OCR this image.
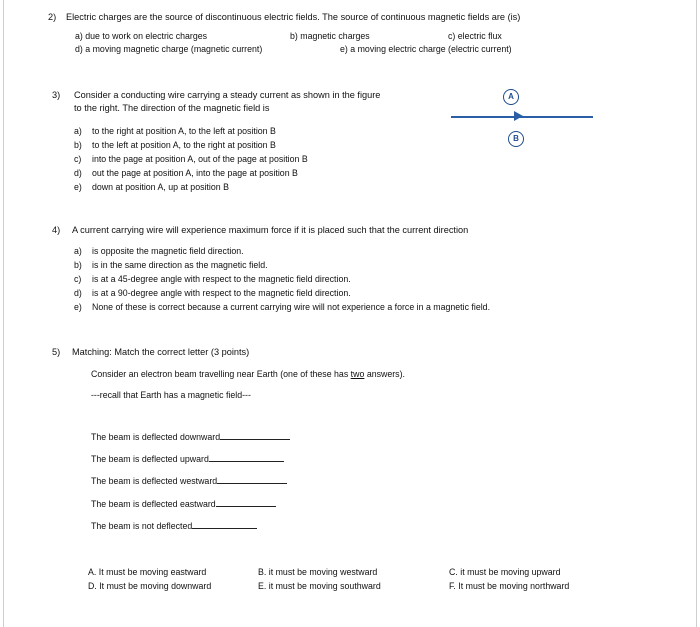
2) Electric charges are the source of discontinuous electric fields. The source of continuous magnetic fields are (is)
a) due to work on electric charges	b) magnetic charges	c) electric flux
d) a moving magnetic charge (magnetic current)	e) a moving electric charge (electric current)
3) Consider a conducting wire carrying a steady current as shown in the figure
to the right. The direction of the magnetic field is
a) to the right at position A, to the left at position B
b) to the left at position A, to the right at position B
c) into the page at position A, out of the page at position B
d) out the page at position A, into the page at position B
e) down at position A, up at position B
A
B
4) A current carrying wire will experience maximum force if it is placed such that the current direction
a) is opposite the magnetic field direction.
b) is in the same direction as the magnetic field.
c) is at a 45-degree angle with respect to the magnetic field direction.
d) is at a 90-degree angle with respect to the magnetic field direction.
e) None of these is correct because a current carrying wire will not experience a force in a magnetic field.
5) Matching: Match the correct letter (3 points)
Consider an electron beam travelling near Earth (one of these has two answers).
---recall that Earth has a magnetic field---
The beam is deflected downward
The beam is deflected upward
The beam is deflected westward
The beam is deflected eastward
The beam is not deflected
A. It must be moving eastward	B. it must be moving westward	C. it must be moving upward
D. It must be moving downward	E. it must be moving southward	F. It must be moving northward
